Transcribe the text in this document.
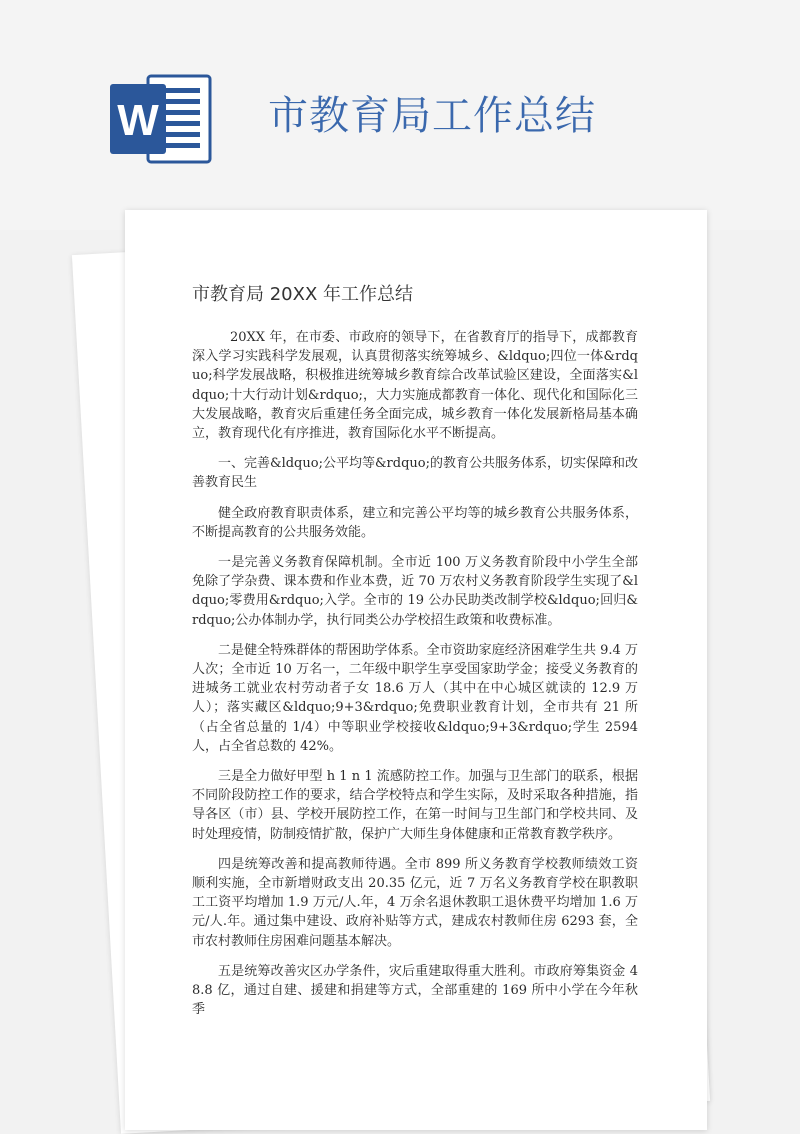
W	市教育局工作总结
市教育局 20XX 年工作总结

20XX 年，在市委、市政府的领导下，在省教育厅的指导下，成都教育深入学习实践科学发展观，认真贯彻落实统筹城乡、&ldquo;四位一体&rdquo;科学发展战略，积极推进统筹城乡教育综合改革试验区建设，全面落实&ldquo;十大行动计划&rdquo;，大力实施成都教育一体化、现代化和国际化三大发展战略，教育灾后重建任务全面完成，城乡教育一体化发展新格局基本确立，教育现代化有序推进，教育国际化水平不断提高。

一、完善&ldquo;公平均等&rdquo;的教育公共服务体系，切实保障和改善教育民生

健全政府教育职责体系，建立和完善公平均等的城乡教育公共服务体系，不断提高教育的公共服务效能。

一是完善义务教育保障机制。全市近 100 万义务教育阶段中小学生全部免除了学杂费、课本费和作业本费，近 70 万农村义务教育阶段学生实现了&ldquo;零费用&rdquo;入学。全市的 19 公办民助类改制学校&ldquo;回归&rdquo;公办体制办学，执行同类公办学校招生政策和收费标准。

二是健全特殊群体的帮困助学体系。全市资助家庭经济困难学生共 9.4 万人次；全市近 10 万名一，二年级中职学生享受国家助学金；接受义务教育的进城务工就业农村劳动者子女 18.6 万人（其中在中心城区就读的 12.9 万人）；落实藏区&ldquo;9+3&rdquo;免费职业教育计划，全市共有 21 所（占全省总量的 1/4）中等职业学校接收&ldquo;9+3&rdquo;学生 2594 人，占全省总数的 42%。

三是全力做好甲型 h 1 n 1 流感防控工作。加强与卫生部门的联系，根据不同阶段防控工作的要求，结合学校特点和学生实际，及时采取各种措施，指导各区（市）县、学校开展防控工作，在第一时间与卫生部门和学校共同、及时处理疫情，防制疫情扩散，保护广大师生身体健康和正常教育教学秩序。

四是统筹改善和提高教师待遇。全市 899 所义务教育学校教师绩效工资顺利实施，全市新增财政支出 20.35 亿元，近 7 万名义务教育学校在职教职工工资平均增加 1.9 万元/人.年，4 万余名退休教职工退休费平均增加 1.6 万元/人.年。通过集中建设、政府补贴等方式，建成农村教师住房 6293 套，全市农村教师住房困难问题基本解决。

五是统筹改善灾区办学条件，灾后重建取得重大胜利。市政府筹集资金 48.8 亿，通过自建、援建和捐建等方式，全部重建的 169 所中小学在今年秋季
